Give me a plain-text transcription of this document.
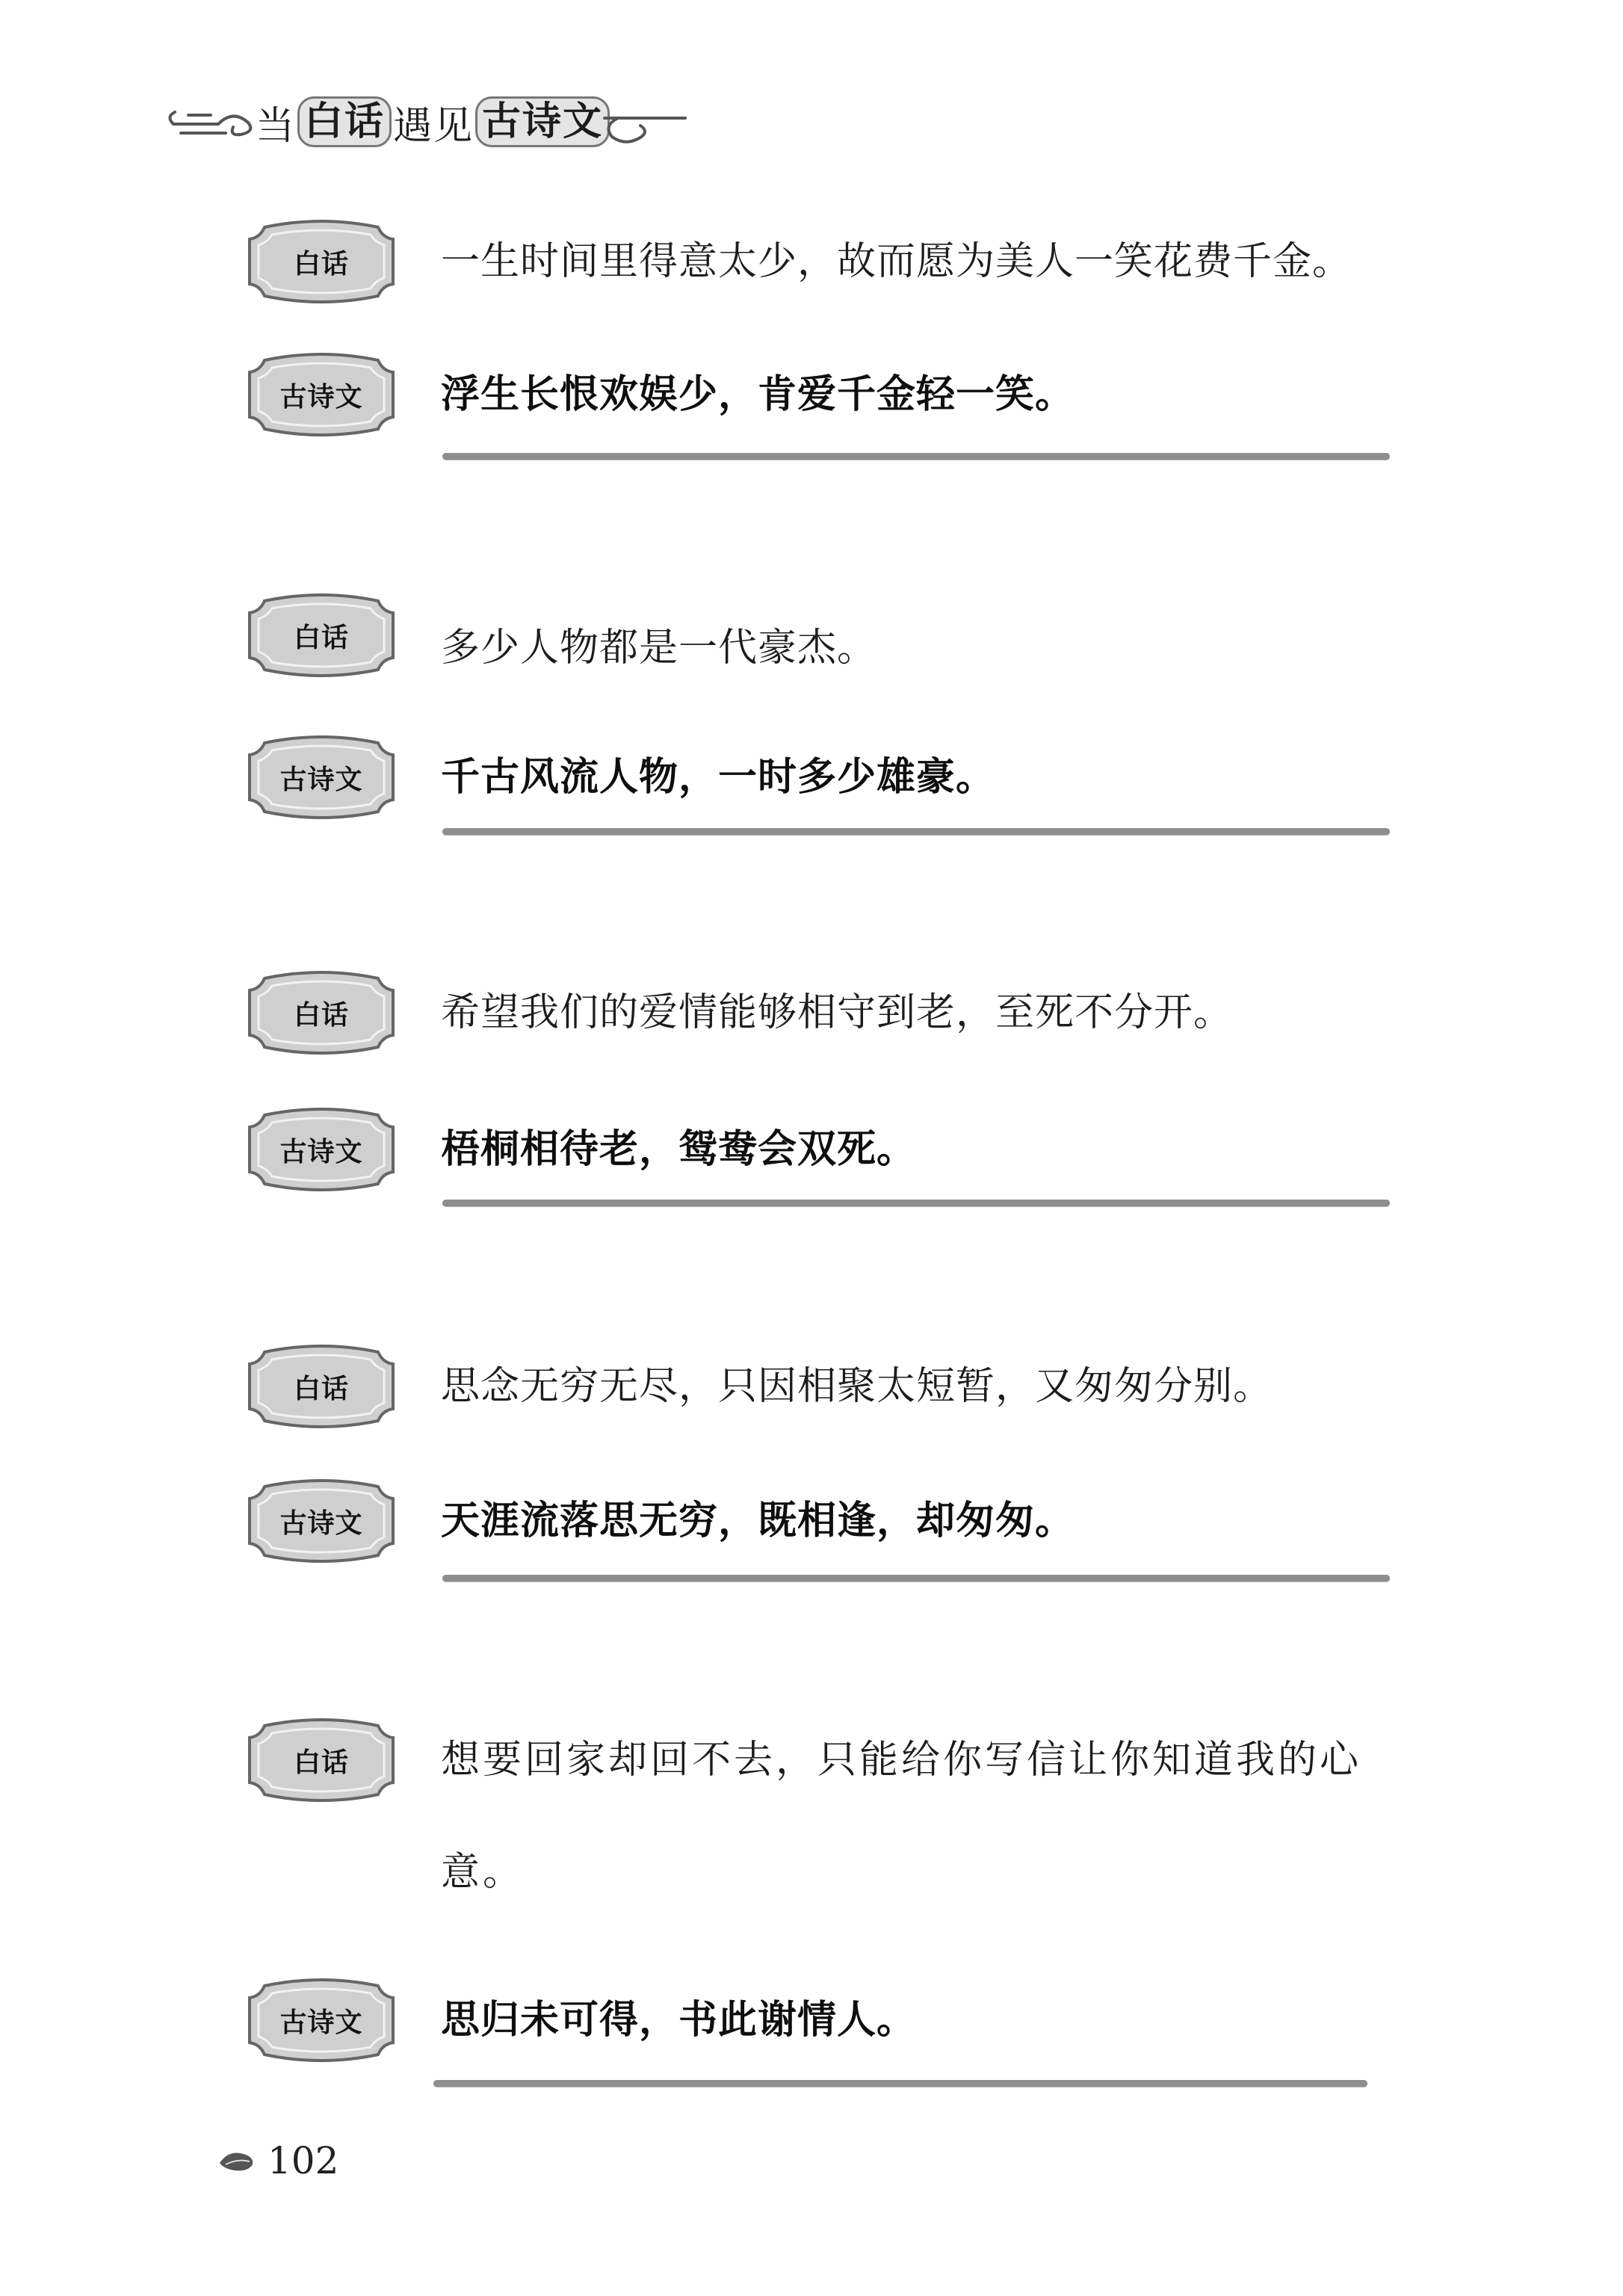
当 白话 遇见 古诗文
白话	一生时间里得意太少，故而愿为美人一笑花费千金。
古诗文	浮生长恨欢娱少，肯爱千金轻一笑。
白话	多少人物都是一代豪杰。
古诗文	千古风流人物，一时多少雄豪。
白话	希望我们的爱情能够相守到老，至死不分开。
古诗文	梧桐相待老，鸳鸯会双死。
白话	思念无穷无尽，只因相聚太短暂，又匆匆分别。
古诗文	天涯流落思无穷，既相逢，却匆匆。
白话	想要回家却回不去，只能给你写信让你知道我的心意。
古诗文	思归未可得，书此谢情人。
102
